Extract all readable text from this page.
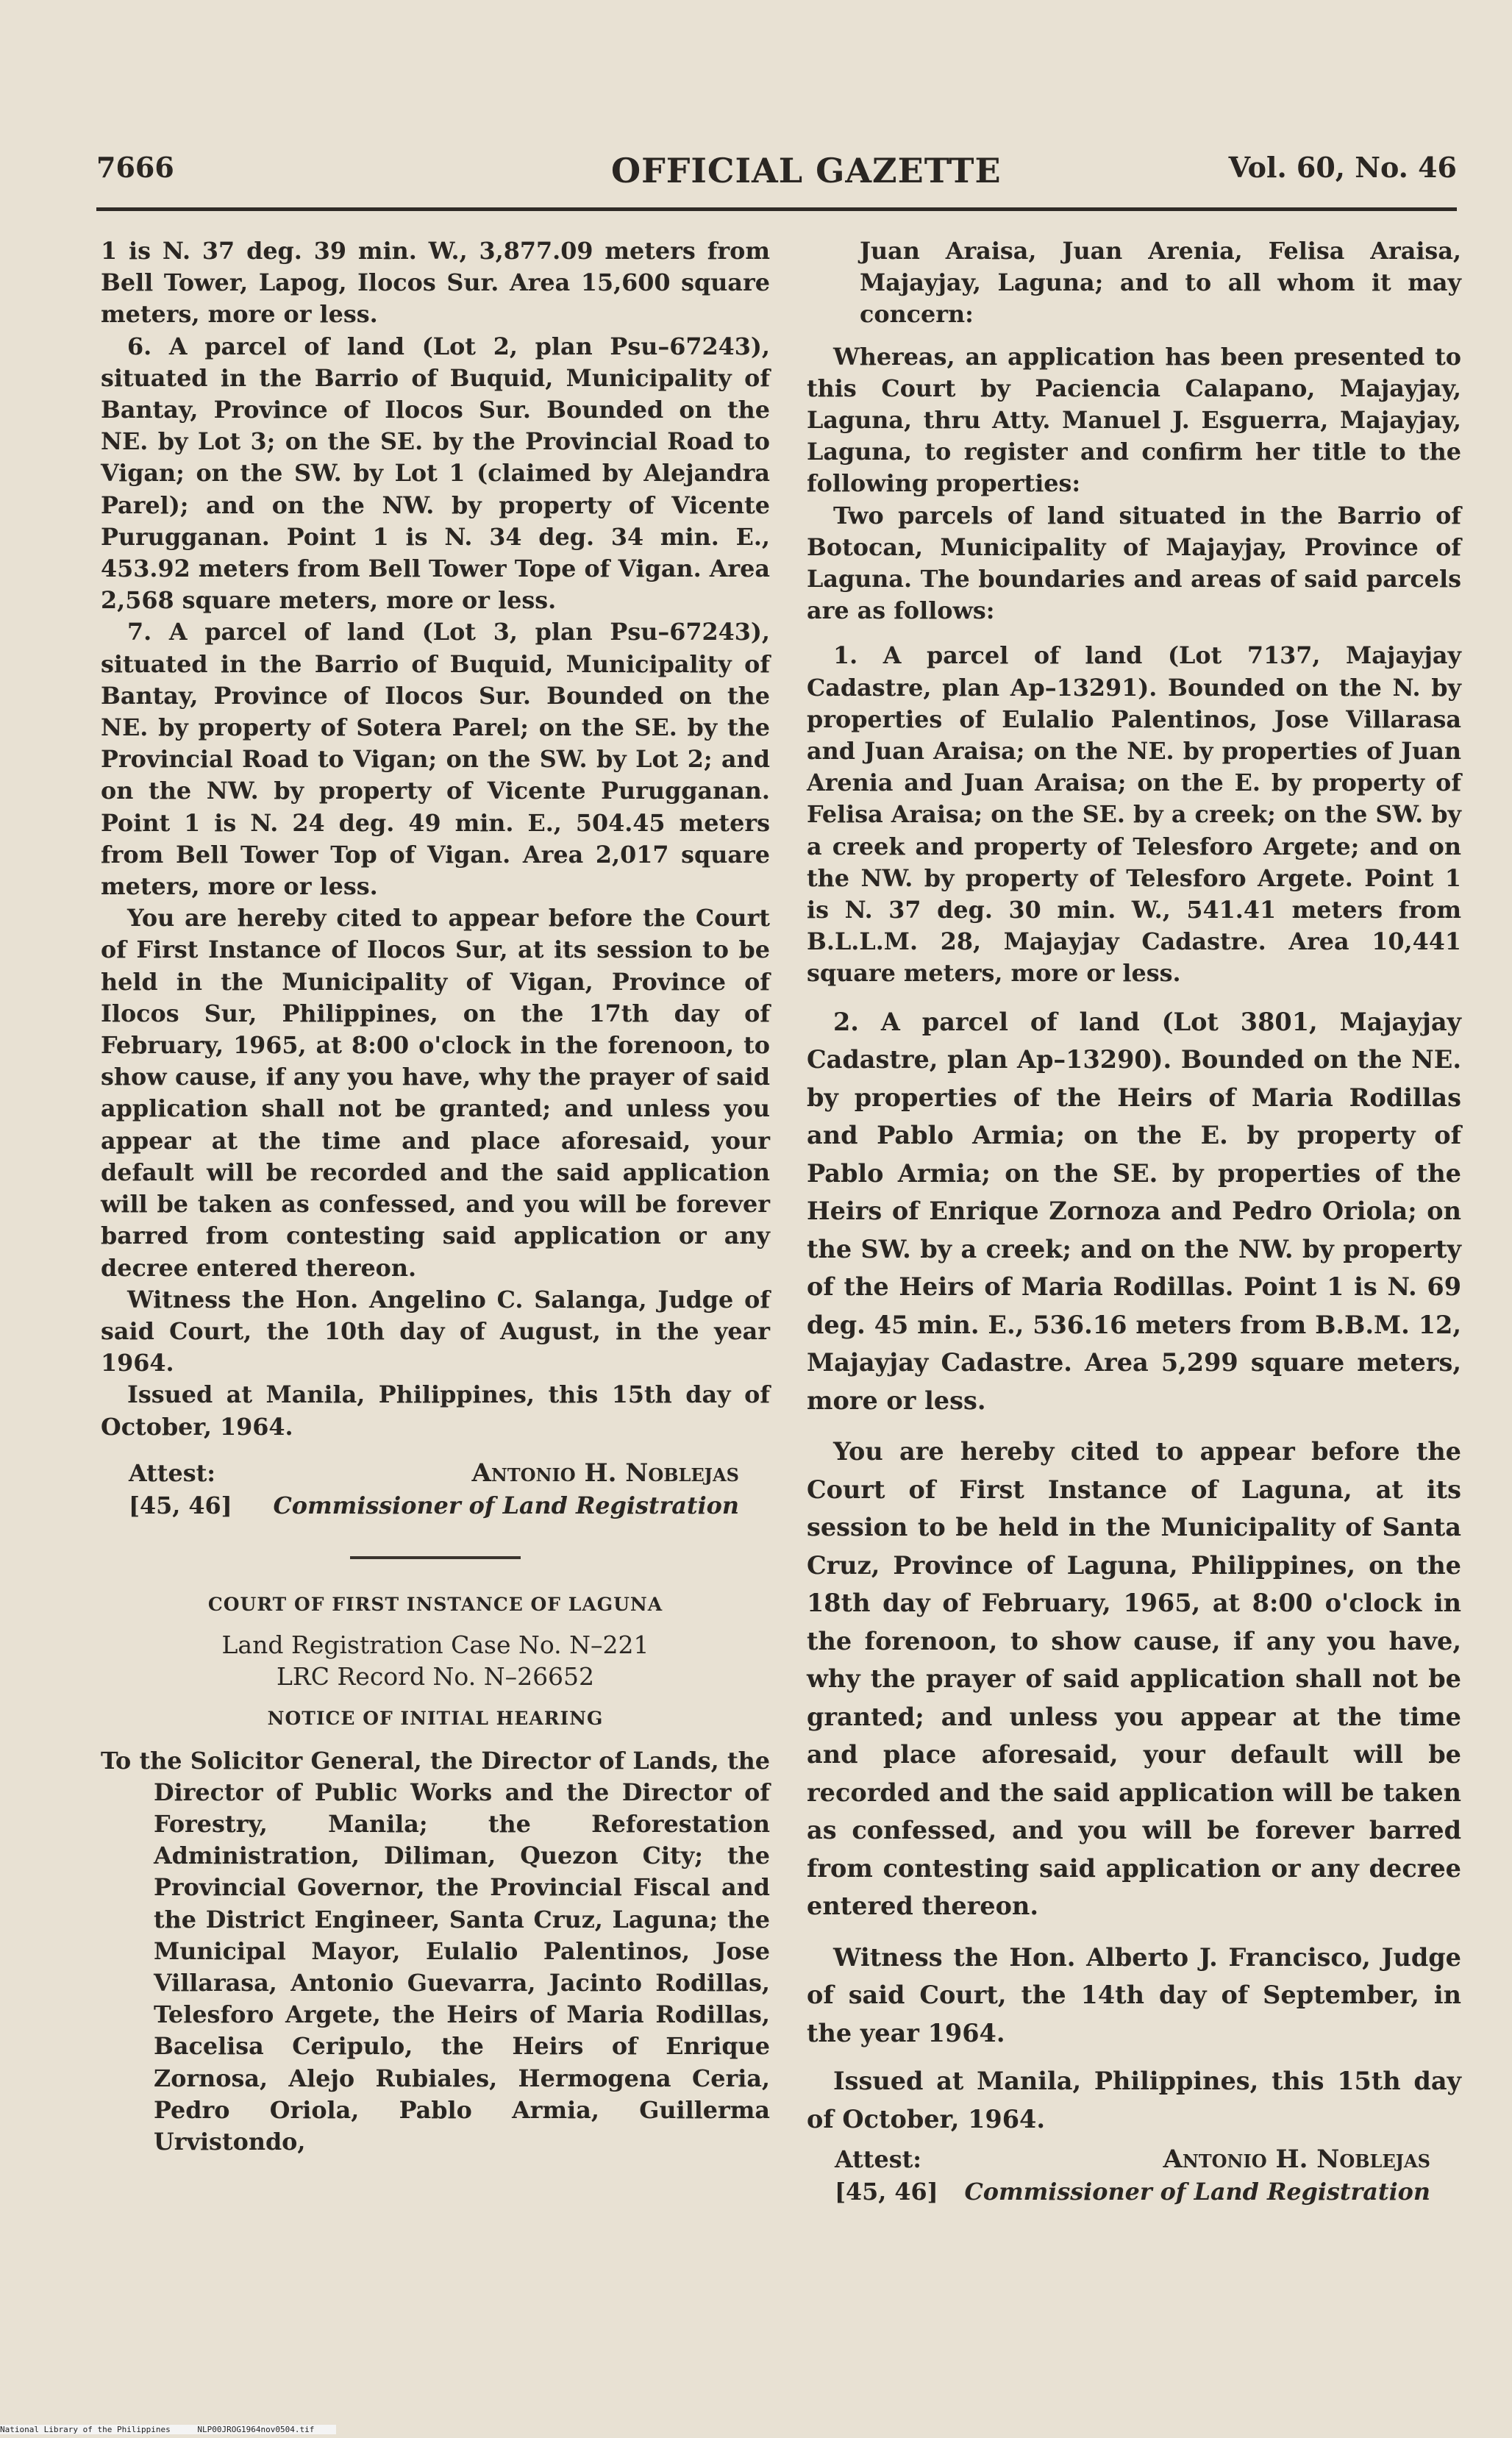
7666	OFFICIAL GAZETTE	Vol. 60, No. 46

1 is N. 37 deg. 39 min. W., 3,877.09 meters from Bell Tower, Lapog, Ilocos Sur. Area 15,600 square meters, more or less.

6. A parcel of land (Lot 2, plan Psu–67243), situated in the Barrio of Buquid, Municipality of Bantay, Province of Ilocos Sur. Bounded on the NE. by Lot 3; on the SE. by the Provincial Road to Vigan; on the SW. by Lot 1 (claimed by Alejandra Parel); and on the NW. by property of Vicente Purugganan. Point 1 is N. 34 deg. 34 min. E., 453.92 meters from Bell Tower Tope of Vigan. Area 2,568 square meters, more or less.

7. A parcel of land (Lot 3, plan Psu–67243), situated in the Barrio of Buquid, Municipality of Bantay, Province of Ilocos Sur. Bounded on the NE. by property of Sotera Parel; on the SE. by the Provincial Road to Vigan; on the SW. by Lot 2; and on the NW. by property of Vicente Purugganan. Point 1 is N. 24 deg. 49 min. E., 504.45 meters from Bell Tower Top of Vigan. Area 2,017 square meters, more or less.

You are hereby cited to appear before the Court of First Instance of Ilocos Sur, at its session to be held in the Municipality of Vigan, Province of Ilocos Sur, Philippines, on the 17th day of February, 1965, at 8:00 o'clock in the forenoon, to show cause, if any you have, why the prayer of said application shall not be granted; and unless you appear at the time and place aforesaid, your default will be recorded and the said application will be taken as confessed, and you will be forever barred from contesting said application or any decree entered thereon.

Witness the Hon. Angelino C. Salanga, Judge of said Court, the 10th day of August, in the year 1964.

Issued at Manila, Philippines, this 15th day of October, 1964.

Attest:
[45, 46]
Antonio H. Noblejas
Commissioner of Land Registration
COURT OF FIRST INSTANCE OF LAGUNA
Land Registration Case No. N–221
LRC Record No. N–26652
NOTICE OF INITIAL HEARING

To the Solicitor General, the Director of Lands, the Director of Public Works and the Director of Forestry, Manila; the Reforestation Administration, Diliman, Quezon City; the Provincial Governor, the Provincial Fiscal and the District Engineer, Santa Cruz, Laguna; the Municipal Mayor, Eulalio Palentinos, Jose Villarasa, Antonio Guevarra, Jacinto Rodillas, Telesforo Argete, the Heirs of Maria Rodillas, Bacelisa Ceripulo, the Heirs of Enrique Zornosa, Alejo Rubiales, Hermogena Ceria, Pedro Oriola, Pablo Armia, Guillerma Urvistondo,

Juan Araisa, Juan Arenia, Felisa Araisa, Majayjay, Laguna; and to all whom it may concern:

Whereas, an application has been presented to this Court by Paciencia Calapano, Majayjay, Laguna, thru Atty. Manuel J. Esguerra, Majayjay, Laguna, to register and confirm her title to the following properties:

Two parcels of land situated in the Barrio of Botocan, Municipality of Majayjay, Province of Laguna. The boundaries and areas of said parcels are as follows:

1. A parcel of land (Lot 7137, Majayjay Cadastre, plan Ap–13291). Bounded on the N. by properties of Eulalio Palentinos, Jose Villarasa and Juan Araisa; on the NE. by properties of Juan Arenia and Juan Araisa; on the E. by property of Felisa Araisa; on the SE. by a creek; on the SW. by a creek and property of Telesforo Argete; and on the NW. by property of Telesforo Argete. Point 1 is N. 37 deg. 30 min. W., 541.41 meters from B.L.L.M. 28, Majayjay Cadastre. Area 10,441 square meters, more or less.

2. A parcel of land (Lot 3801, Majayjay Cadastre, plan Ap–13290). Bounded on the NE. by properties of the Heirs of Maria Rodillas and Pablo Armia; on the E. by property of Pablo Armia; on the SE. by properties of the Heirs of Enrique Zornoza and Pedro Oriola; on the SW. by a creek; and on the NW. by property of the Heirs of Maria Rodillas. Point 1 is N. 69 deg. 45 min. E., 536.16 meters from B.B.M. 12, Majayjay Cadastre. Area 5,299 square meters, more or less.

You are hereby cited to appear before the Court of First Instance of Laguna, at its session to be held in the Municipality of Santa Cruz, Province of Laguna, Philippines, on the 18th day of February, 1965, at 8:00 o'clock in the forenoon, to show cause, if any you have, why the prayer of said application shall not be granted; and unless you appear at the time and place aforesaid, your default will be recorded and the said application will be taken as confessed, and you will be forever barred from contesting said application or any decree entered thereon.

Witness the Hon. Alberto J. Francisco, Judge of said Court, the 14th day of September, in the year 1964.

Issued at Manila, Philippines, this 15th day of October, 1964.

Attest:
[45, 46]
Antonio H. Noblejas
Commissioner of Land Registration
National Library of the Philippines	NLP00JROG1964nov0504.tif
